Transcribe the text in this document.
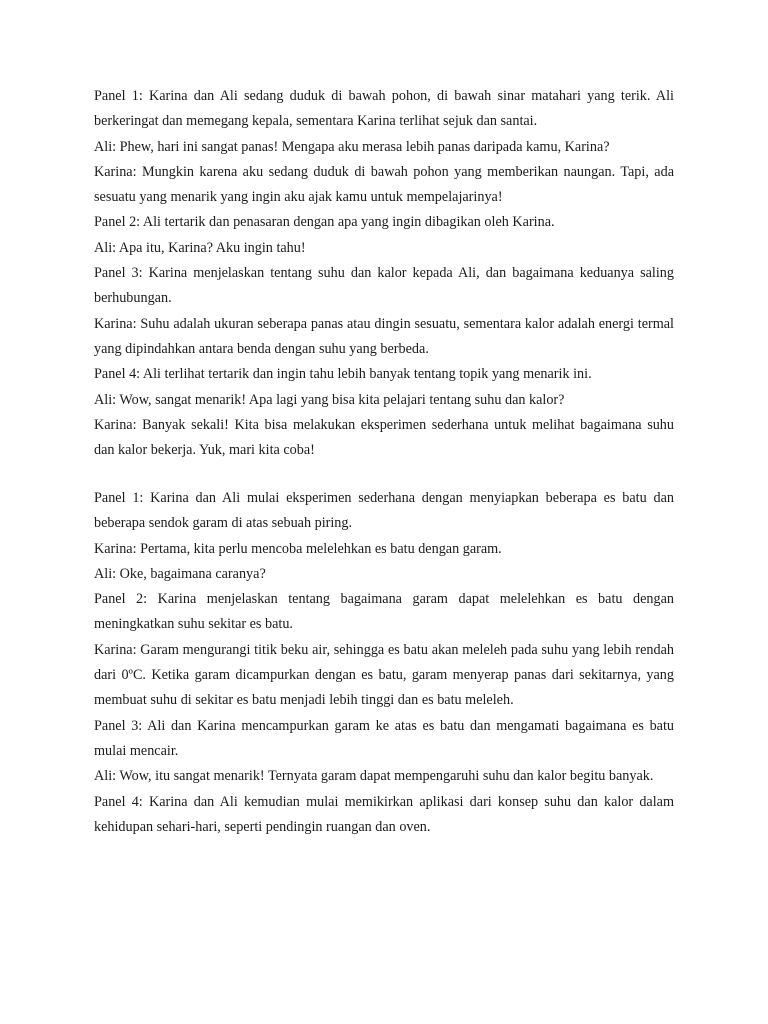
Panel 1: Karina dan Ali sedang duduk di bawah pohon, di bawah sinar matahari yang terik. Ali berkeringat dan memegang kepala, sementara Karina terlihat sejuk dan santai.

Ali: Phew, hari ini sangat panas! Mengapa aku merasa lebih panas daripada kamu, Karina?

Karina: Mungkin karena aku sedang duduk di bawah pohon yang memberikan naungan. Tapi, ada sesuatu yang menarik yang ingin aku ajak kamu untuk mempelajarinya!

Panel 2: Ali tertarik dan penasaran dengan apa yang ingin dibagikan oleh Karina.

Ali: Apa itu, Karina? Aku ingin tahu!

Panel 3: Karina menjelaskan tentang suhu dan kalor kepada Ali, dan bagaimana keduanya saling berhubungan.

Karina: Suhu adalah ukuran seberapa panas atau dingin sesuatu, sementara kalor adalah energi termal yang dipindahkan antara benda dengan suhu yang berbeda.

Panel 4: Ali terlihat tertarik dan ingin tahu lebih banyak tentang topik yang menarik ini.

Ali: Wow, sangat menarik! Apa lagi yang bisa kita pelajari tentang suhu dan kalor?

Karina: Banyak sekali! Kita bisa melakukan eksperimen sederhana untuk melihat bagaimana suhu dan kalor bekerja. Yuk, mari kita coba!

Panel 1: Karina dan Ali mulai eksperimen sederhana dengan menyiapkan beberapa es batu dan beberapa sendok garam di atas sebuah piring.

Karina: Pertama, kita perlu mencoba melelehkan es batu dengan garam.

Ali: Oke, bagaimana caranya?

Panel 2: Karina menjelaskan tentang bagaimana garam dapat melelehkan es batu dengan meningkatkan suhu sekitar es batu.

Karina: Garam mengurangi titik beku air, sehingga es batu akan meleleh pada suhu yang lebih rendah dari 0ºC. Ketika garam dicampurkan dengan es batu, garam menyerap panas dari sekitarnya, yang membuat suhu di sekitar es batu menjadi lebih tinggi dan es batu meleleh.

Panel 3: Ali dan Karina mencampurkan garam ke atas es batu dan mengamati bagaimana es batu mulai mencair.

Ali: Wow, itu sangat menarik! Ternyata garam dapat mempengaruhi suhu dan kalor begitu banyak.

Panel 4: Karina dan Ali kemudian mulai memikirkan aplikasi dari konsep suhu dan kalor dalam kehidupan sehari-hari, seperti pendingin ruangan dan oven.
